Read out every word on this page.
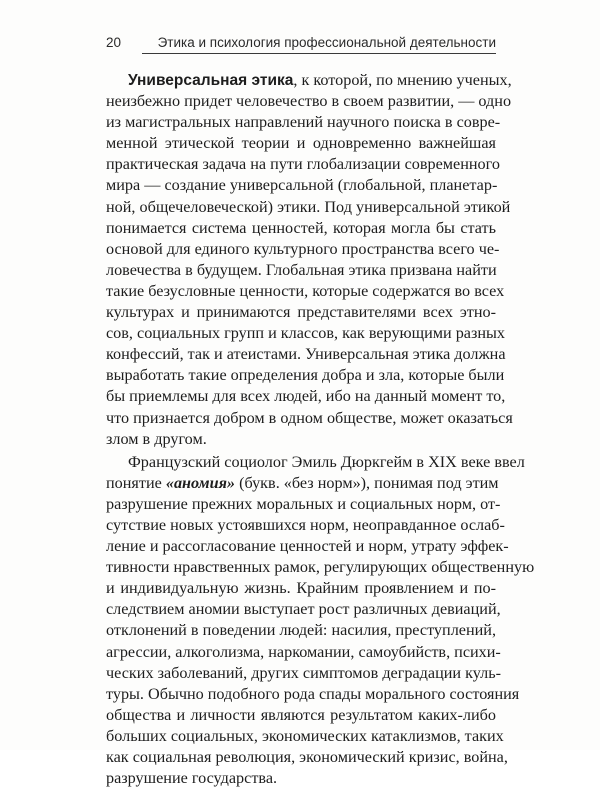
20	Этика и психология профессиональной деятельности
Универсальная этика, к которой, по мнению ученых,
неизбежно придет человечество в своем развитии, — одно
из магистральных направлений научного поиска в совре-
менной этической теории и одновременно важнейшая
практическая задача на пути глобализации современного
мира — создание универсальной (глобальной, планетар-
ной, общечеловеческой) этики. Под универсальной этикой
понимается система ценностей, которая могла бы стать
основой для единого культурного пространства всего че-
ловечества в будущем. Глобальная этика призвана найти
такие безусловные ценности, которые содержатся во всех
культурах и принимаются представителями всех этно-
сов, социальных групп и классов, как верующими разных
конфессий, так и атеистами. Универсальная этика должна
выработать такие определения добра и зла, которые были
бы приемлемы для всех людей, ибо на данный момент то,
что признается добром в одном обществе, может оказаться
злом в другом.
Французский социолог Эмиль Дюркгейм в XIX веке ввел
понятие «аномия» (букв. «без норм»), понимая под этим
разрушение прежних моральных и социальных норм, от-
сутствие новых устоявшихся норм, неоправданное ослаб-
ление и рассогласование ценностей и норм, утрату эффек-
тивности нравственных рамок, регулирующих общественную
и индивидуальную жизнь. Крайним проявлением и по-
следствием аномии выступает рост различных девиаций,
отклонений в поведении людей: насилия, преступлений,
агрессии, алкоголизма, наркомании, самоубийств, психи-
ческих заболеваний, других симптомов деградации куль-
туры. Обычно подобного рода спады морального состояния
общества и личности являются результатом каких-либо
больших социальных, экономических катаклизмов, таких
как социальная революция, экономический кризис, война,
разрушение государства.
